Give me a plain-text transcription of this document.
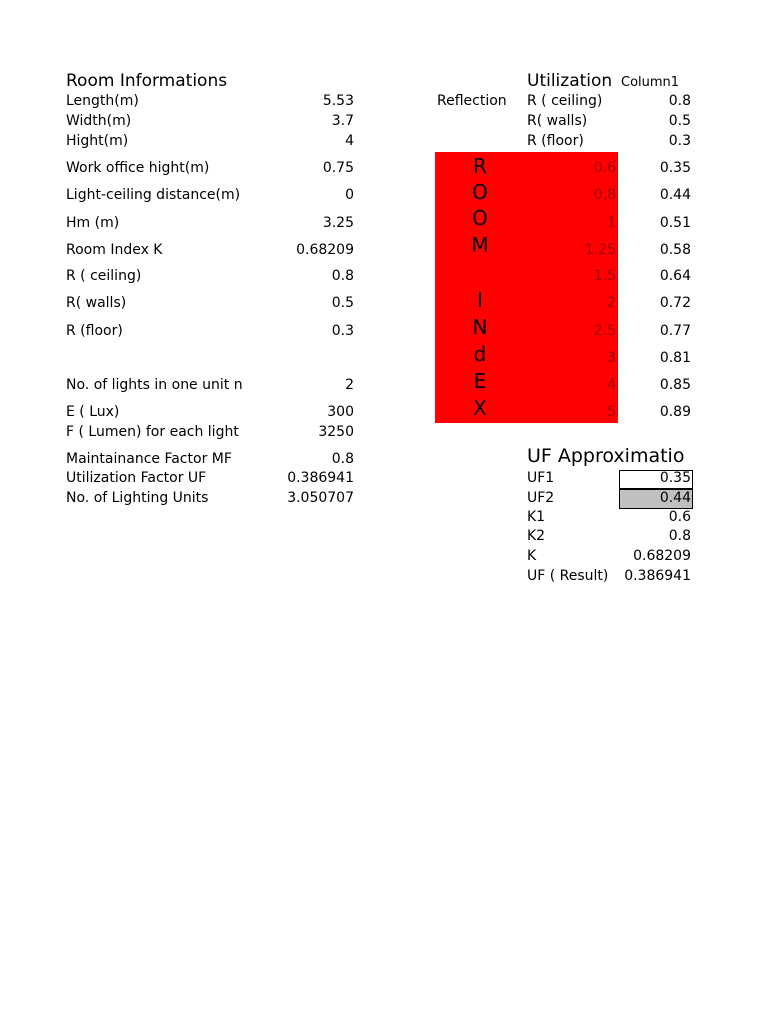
Room Informations
Length(m)	5.53
Width(m)	3.7
Hight(m)	4
Work office hight(m)	0.75
Light-ceiling distance(m)	0
Hm (m)	3.25
Room Index K	0.68209
R ( ceiling)	0.8
R( walls)	0.5
R (floor)	0.3
No. of lights in one unit n	2
E ( Lux)	300
F ( Lumen) for each light	3250
Maintainance Factor MF	0.8
Utilization Factor UF	0.386941
No. of Lighting Units	3.050707
Utilization Column1
Reflection R ( ceiling)	0.8
R( walls)	0.5
R (floor)	0.3
R
O
O
M
I
N
d
E
X
0.6	0.35
0.8	0.44
1	0.51
1.25	0.58
1.5	0.64
2	0.72
2.5	0.77
3	0.81
4	0.85
5	0.89
UF Approximatio
UF1	0.35
UF2	0.44
K1	0.6
K2	0.8
K	0.68209
UF ( Result) 0.386941
